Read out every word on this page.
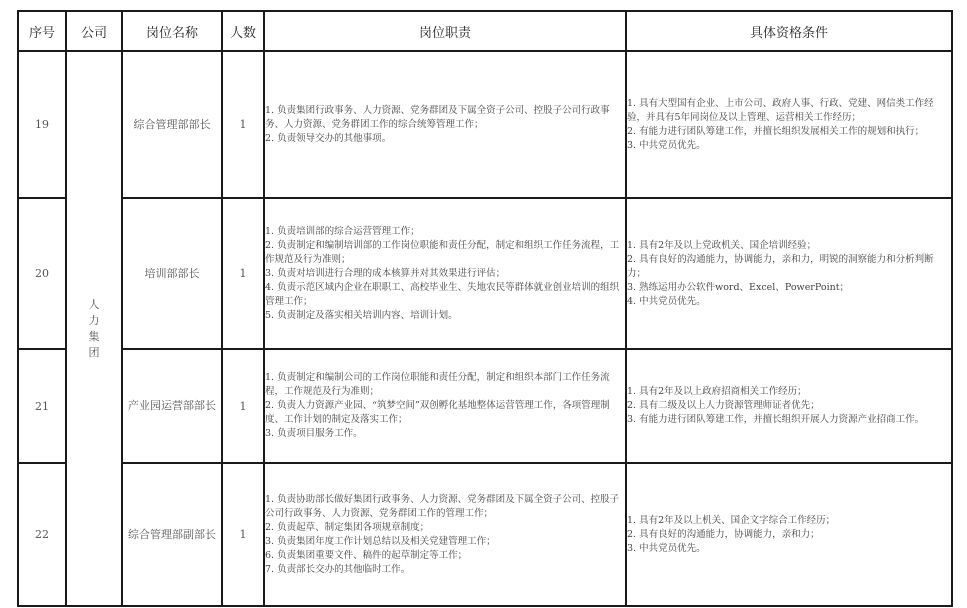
序号	公司	岗位名称	人数	岗位职责	具体资格条件
19	人力集团	综合管理部部长	1	1. 负责集团行政事务、人力资源、党务群团及下属全资子公司、控股子公司行政事务、人力资源、党务群团工作的综合统筹管理工作；
2. 负责领导交办的其他事项。	1. 具有大型国有企业、上市公司、政府人事、行政、党建、网信类工作经验，并具有5年同岗位及以上管理、运营相关工作经历；
2. 有能力进行团队筹建工作，并擅长组织发展相关工作的规划和执行；
3. 中共党员优先。

20		培训部部长	1	1. 负责培训部的综合运营管理工作；
2. 负责制定和编制培训部的工作岗位职能和责任分配，制定和组织工作任务流程，工作规范及行为准则；
3. 负责对培训进行合理的成本核算并对其效果进行评估；
4. 负责示范区域内企业在职职工、高校毕业生、失地农民等群体就业创业培训的组织管理工作；
5. 负责制定及落实相关培训内容、培训计划。	1. 具有2年及以上党政机关、国企培训经验；
2. 具有良好的沟通能力，协调能力，亲和力，明锐的洞察能力和分析判断力；
3. 熟练运用办公软件word、Excel、PowerPoint；
4. 中共党员优先。

21		产业园运营部部长	1	1. 负责制定和编制公司的工作岗位职能和责任分配，制定和组织本部门工作任务流程，工作规范及行为准则；
2. 负责人力资源产业园、“筑梦空间”双创孵化基地整体运营管理工作，各项管理制度、工作计划的制定及落实工作；
3. 负责项目服务工作。	1. 具有2年及以上政府招商相关工作经历；
2. 具有二级及以上人力资源管理师证者优先；
3. 有能力进行团队筹建工作，并擅长组织开展人力资源产业招商工作。

22		综合管理部副部长	1	1. 负责协助部长做好集团行政事务、人力资源、党务群团及下属全资子公司、控股子公司行政事务、人力资源、党务群团工作的管理工作；
2. 负责起草、制定集团各项规章制度；
3. 负责集团年度工作计划总结以及相关党建管理工作；
6. 负责集团重要文件、稿件的起草制定等工作；
7. 负责部长交办的其他临时工作。	1. 具有2年及以上机关、国企文字综合工作经历；
2. 具有良好的沟通能力，协调能力，亲和力；
3. 中共党员优先。
